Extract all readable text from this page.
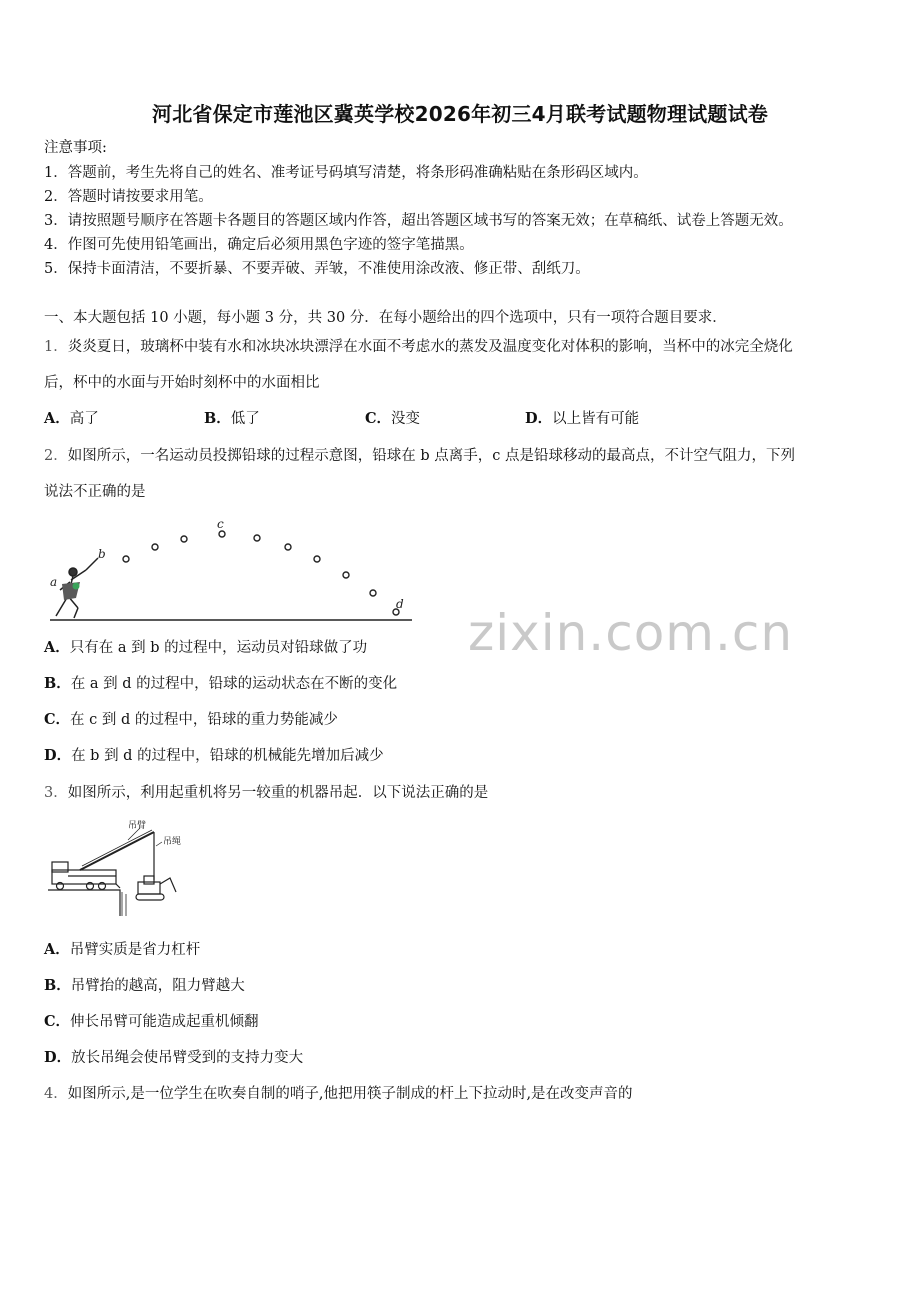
河北省保定市莲池区冀英学校2026年初三4月联考试题物理试题试卷
注意事项:
1．答题前，考生先将自己的姓名、准考证号码填写清楚，将条形码准确粘贴在条形码区域内。
2．答题时请按要求用笔。
3．请按照题号顺序在答题卡各题目的答题区域内作答，超出答题区域书写的答案无效；在草稿纸、试卷上答题无效。
4．作图可先使用铅笔画出，确定后必须用黑色字迹的签字笔描黑。
5．保持卡面清洁，不要折暴、不要弄破、弄皱，不准使用涂改液、修正带、刮纸刀。
一、本大题包括 10 小题，每小题 3 分，共 30 分．在每小题给出的四个选项中，只有一项符合题目要求．
1．炎炎夏日，玻璃杯中装有水和冰块冰块漂浮在水面不考虑水的蒸发及温度变化对体积的影响，当杯中的冰完全烧化
后，杯中的水面与开始时刻杯中的水面相比
A．高了	B．低了	C．没变	D．以上皆有可能
2．如图所示，一名运动员投掷铅球的过程示意图，铅球在 b 点离手，c 点是铅球移动的最高点，不计空气阻力，下列
说法不正确的是
a
b
c
d zixin.com.cn
A．只有在 a 到 b 的过程中，运动员对铅球做了功
B．在 a 到 d 的过程中，铅球的运动状态在不断的变化
C．在 c 到 d 的过程中，铅球的重力势能减少
D．在 b 到 d 的过程中，铅球的机械能先增加后减少
3．如图所示，利用起重机将另一较重的机器吊起．以下说法正确的是
吊臂
吊绳
A．吊臂实质是省力杠杆
B．吊臂抬的越高，阻力臂越大
C．伸长吊臂可能造成起重机倾翻
D．放长吊绳会使吊臂受到的支持力变大
4．如图所示,是一位学生在吹奏自制的哨子,他把用筷子制成的杆上下拉动时,是在改变声音的
